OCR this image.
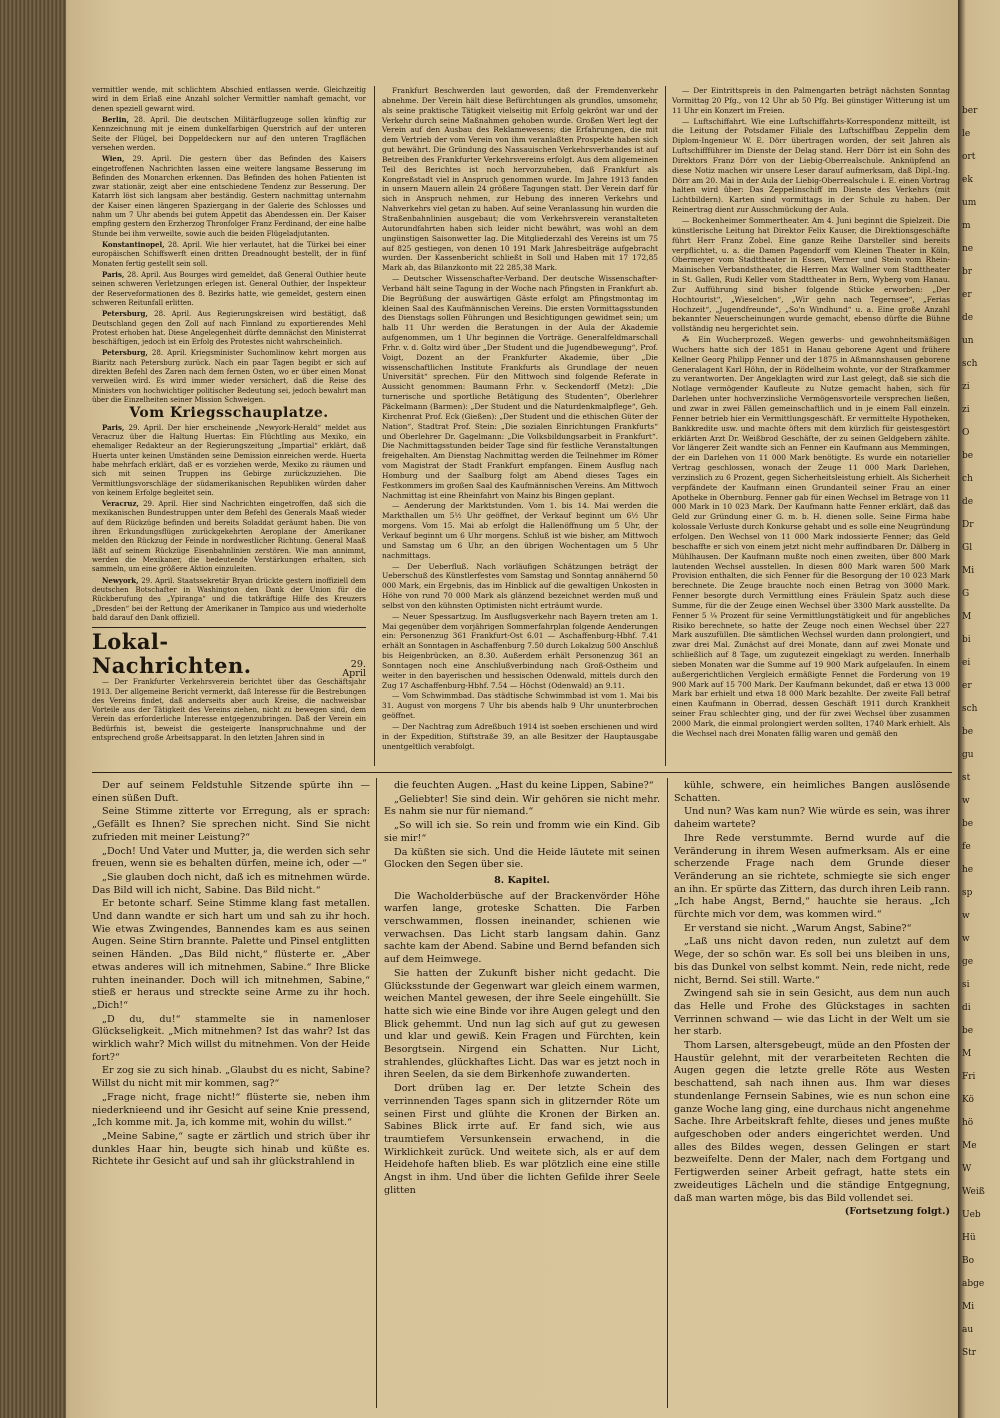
vermittler wende, mit schlichtem Abschied entlassen werde. Gleichzeitig wird in dem Erlaß eine Anzahl solcher Vermittler namhaft gemacht, vor denen speziell gewarnt wird.

Berlin, 28. April. Die deutschen Militärflugzeuge sollen künftig zur Kennzeichnung mit je einem dunkelfarbigen Querstrich auf der unteren Seite der Flügel, bei Doppeldeckern nur auf den unteren Tragflächen versehen werden.

Wien, 29. April. Die gestern über das Befinden des Kaisers eingetroffenen Nachrichten lassen eine weitere langsame Besserung im Befinden des Monarchen erkennen. Das Befinden des hohen Patienten ist zwar stationär, zeigt aber eine entschiedene Tendenz zur Besserung. Der Katarrh löst sich langsam aber beständig. Gestern nachmittag unternahm der Kaiser einen längeren Spaziergang in der Galerie des Schlosses und nahm um 7 Uhr abends bei gutem Appetit das Abendessen ein. Der Kaiser empfing gestern den Erzherzog Thronfolger Franz Ferdinand, der eine halbe Stunde bei ihm verweilte, sowie auch die beiden Flügeladjutanten.

Konstantinopel, 28. April. Wie hier verlautet, hat die Türkei bei einer europäischen Schiffswerft einen dritten Dreadnought bestellt, der in fünf Monaten fertig gestellt sein soll.

Paris, 28. April. Aus Bourges wird gemeldet, daß General Outhier heute seinen schweren Verletzungen erlegen ist. General Outhier, der Inspekteur der Reserveformationen des 8. Bezirks hatte, wie gemeldet, gestern einen schweren Reitunfall erlitten.

Petersburg, 28. April. Aus Regierungskreisen wird bestätigt, daß Deutschland gegen den Zoll auf nach Finnland zu exportierendes Mehl Protest erhoben hat. Diese Angelegenheit dürfte demnächst den Ministerrat beschäftigen, jedoch ist ein Erfolg des Protestes nicht wahrscheinlich.

Petersburg, 28. April. Kriegsminister Suchomlinow kehrt morgen aus Biaritz nach Petersburg zurück. Nach ein paar Tagen begibt er sich auf direkten Befehl des Zaren nach dem fernen Osten, wo er über einen Monat verweilen wird. Es wird immer wieder versichert, daß die Reise des Ministers von hochwichtiger politischer Bedeutung sei, jedoch bewahrt man über die Einzelheiten seiner Mission Schweigen.

Vom Kriegsschauplatze.

Paris, 29. April. Der hier erscheinende „Newyork-Herald“ meldet aus Veracruz über die Haltung Huertas: Ein Flüchtling aus Mexiko, ein ehemaliger Redakteur an der Regierungszeitung „Impartial“ erklärt, daß Huerta unter keinen Umständen seine Demission einreichen werde. Huerta habe mehrfach erklärt, daß er es vorziehen werde, Mexiko zu räumen und sich mit seinen Truppen ins Gebirge zurückzuziehen. Die Vermittlungsvorschläge der südamerikanischen Republiken würden daher von keinem Erfolge begleitet sein.

Veracruz, 29. April. Hier sind Nachrichten eingetroffen, daß sich die mexikanischen Bundestruppen unter dem Befehl des Generals Maaß wieder auf dem Rückzüge befinden und bereits Soladdat geräumt haben. Die von ihren Erkundungsflügen zurückgekehrten Aeroplane der Amerikaner melden den Rückzug der Feinde in nordwestlicher Richtung. General Maaß läßt auf seinem Rückzüge Eisenbahnlinien zerstören. Wie man annimmt, werden die Mexikaner, die bedeutende Verstärkungen erhalten, sich sammeln, um eine größere Aktion einzuleiten.

Newyork, 29. April. Staatssekretär Bryan drückte gestern inoffiziell dem deutschen Botschafter in Washington den Dank der Union für die Rückberufung des „Ypiranga“ und die tatkräftige Hilfe des Kreuzers „Dresden“ bei der Rettung der Amerikaner in Tampico aus und wiederholte bald darauf den Dank offiziell.

Lokal-Nachrichten.	29. April

— Der Frankfurter Verkehrsverein berichtet über das Geschäftsjahr 1913. Der allgemeine Bericht vermerkt, daß Interesse für die Bestrebungen des Vereins findet, daß anderseits aber auch Kreise, die nachweisbar Vorteile aus der Tätigkeit des Vereins ziehen, nicht zu bewegen sind, dem Verein das erforderliche Interesse entgegenzubringen. Daß der Verein ein Bedürfnis ist, beweist die gesteigerte Inanspruchnahme und der entsprechend große Arbeitsapparat. In den letzten Jahren sind in

Frankfurt Beschwerden laut geworden, daß der Fremdenverkehr abnehme. Der Verein hält diese Befürchtungen als grundlos, umsomehr, als seine praktische Tätigkeit vielseitig mit Erfolg gekrönt war und der Verkehr durch seine Maßnahmen gehoben wurde. Großen Wert legt der Verein auf den Ausbau des Reklamewesens; die Erfahrungen, die mit dem Vertrieb der vom Verein von ihm veranlaßten Prospekte haben sich gut bewährt. Die Gründung des Nassauischen Verkehrsverbandes ist auf Betreiben des Frankfurter Verkehrsvereins erfolgt. Aus dem allgemeinen Teil des Berichtes ist noch hervorzuheben, daß Frankfurt als Kongreßstadt viel in Anspruch genommen wurde. Im Jahre 1913 fanden in unsern Mauern allein 24 größere Tagungen statt. Der Verein darf für sich in Anspruch nehmen, zur Hebung des inneren Verkehrs und Nahverkehrs viel getan zu haben. Auf seine Veranlassung hin wurden die Straßenbahnlinien ausgebaut; die vom Verkehrsverein veranstalteten Autorundfahrten haben sich leider nicht bewährt, was wohl an dem ungünstigen Saisonwetter lag. Die Mitgliederzahl des Vereins ist um 75 auf 825 gestiegen, von denen 10 191 Mark Jahresbeiträge aufgebracht wurden. Der Kassenbericht schließt in Soll und Haben mit 17 172,85 Mark ab, das Bilanzkonto mit 22 285,38 Mark.

— Deutscher Wissenschafter-Verband. Der deutsche Wissenschafter-Verband hält seine Tagung in der Woche nach Pfingsten in Frankfurt ab. Die Begrüßung der auswärtigen Gäste erfolgt am Pfingstmontag im kleinen Saal des Kaufmännischen Vereins. Die ersten Vormittagsstunden des Dienstags sollen Führungen und Besichtigungen gewidmet sein; um halb 11 Uhr werden die Beratungen in der Aula der Akademie aufgenommen, um 1 Uhr beginnen die Vorträge. Generalfeldmarschall Frhr. v. d. Goltz wird über „Der Student und die Jugendbewegung“, Prof. Voigt, Dozent an der Frankfurter Akademie, über „Die wissenschaftlichen Institute Frankfurts als Grundlage der neuen Universität“ sprechen. Für den Mittwoch sind folgende Referate in Aussicht genommen: Baumann Frhr. v. Seckendorff (Metz): „Die turnerische und sportliche Betätigung des Studenten“, Oberlehrer Päckelmann (Barmen): „Der Student und die Naturdenkmalpflege“, Geh. Kirchenrat Prof. Eck (Gießen): „Der Student und die ethischen Güter der Nation“, Stadtrat Prof. Stein: „Die sozialen Einrichtungen Frankfurts“ und Oberlehrer Dr. Gagelmann: „Die Volksbildungsarbeit in Frankfurt“. Die Nachmittagsstunden beider Tage sind für festliche Veranstaltungen freigehalten. Am Dienstag Nachmittag werden die Teilnehmer im Römer vom Magistrat der Stadt Frankfurt empfangen. Einem Ausflug nach Homburg und der Saalburg folgt am Abend dieses Tages ein Festkommers im großen Saal des Kaufmännischen Vereins. Am Mittwoch Nachmittag ist eine Rheinfahrt von Mainz bis Bingen geplant.

— Aenderung der Marktstunden. Vom 1. bis 14. Mai werden die Markthallen um 5½ Uhr geöffnet, der Verkauf beginnt um 6½ Uhr morgens. Vom 15. Mai ab erfolgt die Hallenöffnung um 5 Uhr, der Verkauf beginnt um 6 Uhr morgens. Schluß ist wie bisher, am Mittwoch und Samstag um 6 Uhr, an den übrigen Wochentagen um 5 Uhr nachmittags.

— Der Ueberfluß. Nach vorläufigen Schätzungen beträgt der Ueberschuß des Künstlerfestes vom Samstag und Sonntag annähernd 50 000 Mark, ein Ergebnis, das im Hinblick auf die gewaltigen Unkosten in Höhe von rund 70 000 Mark als glänzend bezeichnet werden muß und selbst von den kühnsten Optimisten nicht erträumt wurde.

— Neuer Spessartzug. Im Ausflugsverkehr nach Bayern treten am 1. Mai gegenüber dem vorjährigen Sommerfahrplan folgende Aenderungen ein: Personenzug 361 Frankfurt-Ost 6.01 — Aschaffenburg-Hbhf. 7.41 erhält an Sonntagen in Aschaffenburg 7.50 durch Lokalzug 500 Anschluß bis Heigenbrücken, an 8.30. Außerdem erhält Personenzug 361 an Sonntagen noch eine Anschlußverbindung nach Groß-Ostheim und weiter in den bayerischen und hessischen Odenwald, mittels durch den Zug 17 Aschaffenburg-Hbhf. 7.54 — Höchst (Odenwald) an 9.11.

— Vom Schwimmbad. Das städtische Schwimmbad ist vom 1. Mai bis 31. August von morgens 7 Uhr bis abends halb 9 Uhr ununterbrochen geöffnet.

— Der Nachtrag zum Adreßbuch 1914 ist soeben erschienen und wird in der Expedition, Stiftstraße 39, an alle Besitzer der Hauptausgabe unentgeltlich verabfolgt.

— Der Eintrittspreis in den Palmengarten beträgt nächsten Sonntag Vormittag 20 Pfg., von 12 Uhr ab 50 Pfg. Bei günstiger Witterung ist um 11 Uhr ein Konzert im Freien.

— Luftschiffahrt. Wie eine Luftschiffahrts-Korrespondenz mitteilt, ist die Leitung der Potsdamer Filiale des Luftschiffbau Zeppelin dem Diplom-Ingenieur W. E. Dörr übertragen worden, der seit Jahren als Luftschiffführer im Dienste der Delag stand. Herr Dörr ist ein Sohn des Direktors Franz Dörr von der Liebig-Oberrealschule. Anknüpfend an diese Notiz machen wir unsere Leser darauf aufmerksam, daß Dipl.-Ing. Dörr am 20. Mai in der Aula der Liebig-Oberrealschule i. E. einen Vortrag halten wird über: Das Zeppelinschiff im Dienste des Verkehrs (mit Lichtbildern). Karten sind vormittags in der Schule zu haben. Der Reinertrag dient zur Ausschmückung der Aula.

— Bockenheimer Sommertheater. Am 4. Juni beginnt die Spielzeit. Die künstlerische Leitung hat Direktor Felix Kauser, die Direktionsgeschäfte führt Herr Franz Zobel. Eine ganze Reihe Darsteller sind bereits verpflichtet, u. a. die Damen Pagendorff vom Kleinen Theater in Köln, Obermeyer vom Stadttheater in Essen, Werner und Stein vom Rhein-Mainischen Verbandstheater, die Herren Max Wallner vom Stadttheater in St. Gallen, Rudi Keller vom Stadttheater in Bern, Wyberg vom Hanau. Zur Aufführung sind bisher folgende Stücke erworben: „Der Hochtourist“, „Wieselchen“, „Wir gehn nach Tegernsee“, „Ferias Hochzeit“, „Jugendfreunde“, „So'n Windhund“ u. a. Eine große Anzahl bekannter Neuerscheinungen wurde gemacht, ebenso dürfte die Bühne vollständig neu hergerichtet sein.

⁂ Ein Wucherprozeß. Wegen gewerbs- und gewohnheitsmäßigen Wuchers hatte sich der 1851 in Hanau geborene Agent und frühere Kellner Georg Philipp Fenner und der 1875 in Aßmannshausen geborene Generalagent Karl Höhn, der in Rödelheim wohnte, vor der Strafkammer zu verantworten. Der Angeklagten wird zur Last gelegt, daß sie sich die Notlage vermögender Kaufleute zu Nutze gemacht haben, sich für Darlehen unter hochverzinsliche Vermögensvorteile versprechen ließen, und zwar in zwei Fällen gemeinschaftlich und in je einem Fall einzeln. Fenner betrieb hier ein Vermittlungsgeschäft. Er vermittelte Hypotheken, Bankkredite usw. und machte öfters mit dem kürzlich für geistesgestört erklärten Arzt Dr. Weißbrod Geschäfte, der zu seinen Geldgebern zählte. Vor längerer Zeit wandte sich an Fenner ein Kaufmann aus Memmingen, der ein Darlehen von 11 000 Mark benötigte. Es wurde ein notarieller Vertrag geschlossen, wonach der Zeuge 11 000 Mark Darlehen, verzinslich zu 6 Prozent, gegen Sicherheitsleistung erhielt. Als Sicherheit verpfändete der Kaufmann einen Grundanteil seiner Frau an einer Apotheke in Obernburg. Fenner gab für einen Wechsel im Betrage von 11 000 Mark in 10 023 Mark. Der Kaufmann hatte Fenner erklärt, daß das Geld zur Gründung einer G. m. b. H. dienen solle. Seine Firma habe kolossale Verluste durch Konkurse gehabt und es solle eine Neugründung erfolgen. Den Wechsel von 11 000 Mark indossierte Fenner; das Geld beschaffte er sich von einem jetzt nicht mehr auffindbaren Dr. Dälberg in Mühlhausen. Der Kaufmann mußte noch einen zweiten, über 800 Mark lautenden Wechsel ausstellen. In diesen 800 Mark waren 500 Mark Provision enthalten, die sich Fenner für die Besorgung der 10 023 Mark berechnete. Die Zeuge brauchte noch einen Betrag von 3000 Mark. Fenner besorgte durch Vermittlung eines Fräulein Spatz auch diese Summe, für die der Zeuge einen Wechsel über 3300 Mark ausstellte. Da Fenner 5 ¼ Prozent für seine Vermittlungstätigkeit und für angebliches Risiko berechnete, so hatte der Zeuge noch einen Wechsel über 227 Mark auszufüllen. Die sämtlichen Wechsel wurden dann prolongiert, und zwar drei Mal. Zunächst auf drei Monate, dann auf zwei Monate und schließlich auf 8 Tage, um zugutezeit eingeklagt zu werden. Innerhalb sieben Monaten war die Summe auf 19 900 Mark aufgelaufen. In einem außergerichtlichen Vergleich ermäßigte Fennet die Forderung von 19 900 Mark auf 15 700 Mark. Der Kaufmann bekundet, daß er etwa 13 000 Mark bar erhielt und etwa 18 000 Mark bezahlte. Der zweite Fall betraf einen Kaufmann in Oberrad, dessen Geschäft 1911 durch Krankheit seiner Frau schlechter ging, und der für zwei Wechsel über zusammen 2000 Mark, die einmal prolongiert werden sollten, 1740 Mark erhielt. Als die Wechsel nach drei Monaten fällig waren und gemäß den

Der auf seinem Feldstuhle Sitzende spürte ihn — einen süßen Duft.

Seine Stimme zitterte vor Erregung, als er sprach: „Gefällt es Ihnen? Sie sprechen nicht. Sind Sie nicht zufrieden mit meiner Leistung?“

„Doch! Und Vater und Mutter, ja, die werden sich sehr freuen, wenn sie es behalten dürfen, meine ich, oder —“

„Sie glauben doch nicht, daß ich es mitnehmen würde. Das Bild will ich nicht, Sabine. Das Bild nicht.“

Er betonte scharf. Seine Stimme klang fast metallen. Und dann wandte er sich hart um und sah zu ihr hoch. Wie etwas Zwingendes, Bannendes kam es aus seinen Augen. Seine Stirn brannte. Palette und Pinsel entglitten seinen Händen. „Das Bild nicht,“ flüsterte er. „Aber etwas anderes will ich mitnehmen, Sabine.“ Ihre Blicke ruhten ineinander. Doch will ich mitnehmen, Sabine,“ stieß er heraus und streckte seine Arme zu ihr hoch. „Dich!“

„D du, du!“ stammelte sie in namenloser Glückseligkeit. „Mich mitnehmen? Ist das wahr? Ist das wirklich wahr? Mich willst du mitnehmen. Von der Heide fort?“

Er zog sie zu sich hinab. „Glaubst du es nicht, Sabine? Willst du nicht mit mir kommen, sag?“

„Frage nicht, frage nicht!“ flüsterte sie, neben ihm niederknieend und ihr Gesicht auf seine Knie pressend, „Ich komme mit. Ja, ich komme mit, wohin du willst.“

„Meine Sabine,“ sagte er zärtlich und strich über ihr dunkles Haar hin, beugte sich hinab und küßte es. Richtete ihr Gesicht auf und sah ihr glückstrahlend in

die feuchten Augen. „Hast du keine Lippen, Sabine?“

„Geliebter! Sie sind dein. Wir gehören sie nicht mehr. Es nahm sie nur für niemand.“

„So will ich sie. So rein und fromm wie ein Kind. Gib sie mir!“

Da küßten sie sich. Und die Heide läutete mit seinen Glocken den Segen über sie.

8. Kapitel.

Die Wacholderbüsche auf der Brackenvörder Höhe warfen lange, groteske Schatten. Die Farben verschwammen, flossen ineinander, schienen wie verwachsen. Das Licht starb langsam dahin. Ganz sachte kam der Abend. Sabine und Bernd befanden sich auf dem Heimwege.

Sie hatten der Zukunft bisher nicht gedacht. Die Glücksstunde der Gegenwart war gleich einem warmen, weichen Mantel gewesen, der ihre Seele eingehüllt. Sie hatte sich wie eine Binde vor ihre Augen gelegt und den Blick gehemmt. Und nun lag sich auf gut zu gewesen und klar und gewiß. Kein Fragen und Fürchten, kein Besorgtsein. Nirgend ein Schatten. Nur Licht, strahlendes, glückhaftes Licht. Das war es jetzt noch in ihren Seelen, da sie dem Birkenhofe zuwanderten.

Dort drüben lag er. Der letzte Schein des verrinnenden Tages spann sich in glitzernder Röte um seinen First und glühte die Kronen der Birken an. Sabines Blick irrte auf. Er fand sich, wie aus traumtiefem Versunkensein erwachend, in die Wirklichkeit zurück. Und weitete sich, als er auf dem Heidehofe haften blieb. Es war plötzlich eine eine stille Angst in ihm. Und über die lichten Gefilde ihrer Seele glitten

kühle, schwere, ein heimliches Bangen auslösende Schatten.

Und nun? Was kam nun? Wie würde es sein, was ihrer daheim wartete?

Ihre Rede verstummte. Bernd wurde auf die Veränderung in ihrem Wesen aufmerksam. Als er eine scherzende Frage nach dem Grunde dieser Veränderung an sie richtete, schmiegte sie sich enger an ihn. Er spürte das Zittern, das durch ihren Leib rann. „Ich habe Angst, Bernd,“ hauchte sie heraus. „Ich fürchte mich vor dem, was kommen wird.“

Er verstand sie nicht. „Warum Angst, Sabine?“

„Laß uns nicht davon reden, nun zuletzt auf dem Wege, der so schön war. Es soll bei uns bleiben in uns, bis das Dunkel von selbst kommt. Nein, rede nicht, rede nicht, Bernd. Sei still. Warte.“

Zwingend sah sie in sein Gesicht, aus dem nun auch das Helle und Frohe des Glückstages in sachten Verrinnen schwand — wie das Licht in der Welt um sie her starb.

Thom Larsen, altersgebeugt, müde an den Pfosten der Haustür gelehnt, mit der verarbeiteten Rechten die Augen gegen die letzte grelle Röte aus Westen beschattend, sah nach ihnen aus. Ihm war dieses stundenlange Fernsein Sabines, wie es nun schon eine ganze Woche lang ging, eine durchaus nicht angenehme Sache. Ihre Arbeitskraft fehlte, dieses und jenes mußte aufgeschoben oder anders eingerichtet werden. Und alles des Bildes wegen, dessen Gelingen er start bezweifelte. Denn der Maler, nach dem Fortgang und Fertigwerden seiner Arbeit gefragt, hatte stets ein zweideutiges Lächeln und die ständige Entgegnung, daß man warten möge, bis das Bild vollendet sei.

(Fortsetzung folgt.)
ber
le
ort
ek
um
m
ne
br
er
de
un
sch
zi
zi
O
be
ch
de
Dr
Gl
Mi
G
M
bi
ei
er
sch
be
gu
st
w
be
fe
he
sp
w
w
ge
si
di
be
M
Fri
Kö
hö
Me
W
Weiß
Ueb
Hü
Bo
abge
Mi
au
Str
